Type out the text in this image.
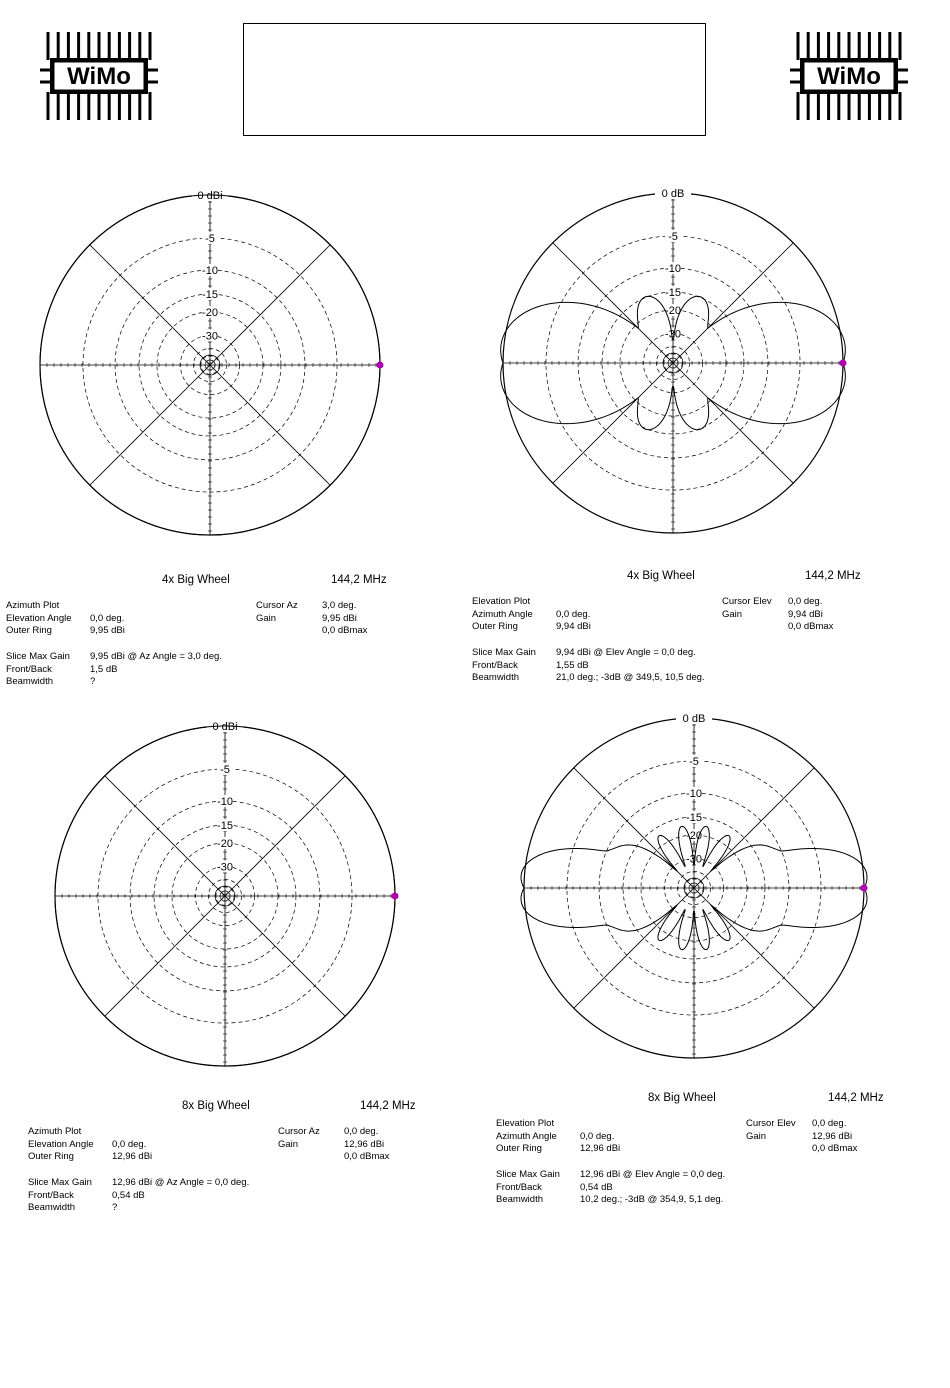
WiMo	WiMo
0 dBi
-5
-10
-15
-20
-30
0 dB
-5
-10
-15
-20
-30
0 dBi
-5
-10
-15
-20
-30
0 dB
-5
-10
-15
-20
-30
4x Big Wheel	144,2 MHz	4x Big Wheel	144,2 MHz
8x Big Wheel	144,2 MHz
8x Big Wheel	144,2 MHz
Azimuth Plot
Elevation Angle 0,0 deg.
Outer Ring	9,95 dBi
Cursor Az	3,0 deg.
Gain	9,95 dBi
0,0 dBmax
Slice Max Gain 9,95 dBi @ Az Angle = 3,0 deg.
Front/Back	1,5 dB
Beamwidth	?
Elevation Plot
Azimuth Angle 0,0 deg.
Outer Ring	9,94 dBi
Cursor Elev 0,0 deg.
Gain	9,94 dBi
0,0 dBmax
Slice Max Gain 9,94 dBi @ Elev Angle = 0,0 deg.
Front/Back	1,55 dB
Beamwidth	21,0 deg.; -3dB @ 349,5, 10,5 deg.
Azimuth Plot
Elevation Angle 0,0 deg.
Outer Ring	12,96 dBi
Cursor Az	0,0 deg.
Gain	12,96 dBi
0,0 dBmax
Slice Max Gain 12,96 dBi @ Az Angle = 0,0 deg.
Front/Back	0,54 dB
Beamwidth	?
Elevation Plot
Azimuth Angle 0,0 deg.
Outer Ring	12,96 dBi
Cursor Elev 0,0 deg.
Gain	12,96 dBi
0,0 dBmax
Slice Max Gain 12,96 dBi @ Elev Angle = 0,0 deg.
Front/Back	0,54 dB
Beamwidth	10,2 deg.; -3dB @ 354,9, 5,1 deg.
